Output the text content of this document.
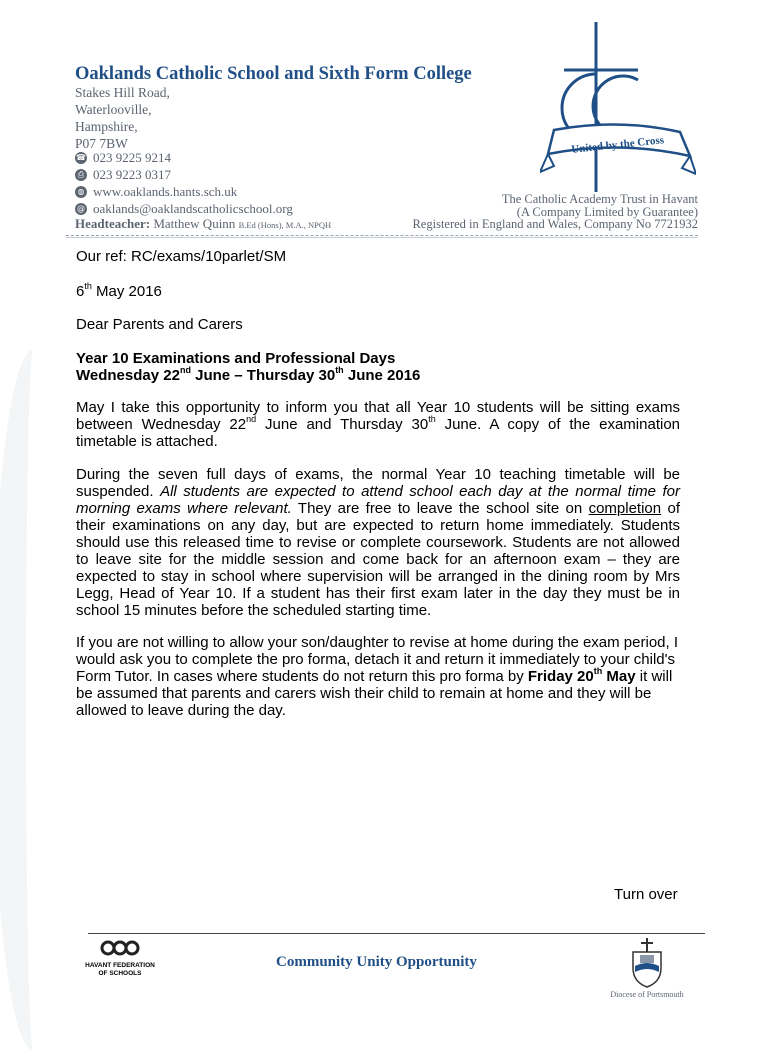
Oaklands Catholic School and Sixth Form College
Stakes Hill Road,
Waterlooville,
Hampshire,
P07 7BW
☎ 023 9225 9214
⎙ 023 9223 0317
◍ www.oaklands.hants.sch.uk
@ oaklands@oaklandscatholicschool.org
Headteacher: Matthew Quinn B.Ed (Hons), M.A., NPQH
The Catholic Academy Trust in Havant
(A Company Limited by Guarantee)
Registered in England and Wales, Company No 7721932
United by the Cross
Our ref: RC/exams/10parlet/SM
6th May 2016
Dear Parents and Carers
Year 10 Examinations and Professional Days
Wednesday 22nd June – Thursday 30th June 2016
May I take this opportunity to inform you that all Year 10 students will be sitting exams between Wednesday 22nd June and Thursday 30th June. A copy of the examination timetable is attached.
During the seven full days of exams, the normal Year 10 teaching timetable will be suspended. All students are expected to attend school each day at the normal time for morning exams where relevant. They are free to leave the school site on completion of their examinations on any day, but are expected to return home immediately. Students should use this released time to revise or complete coursework. Students are not allowed to leave site for the middle session and come back for an afternoon exam – they are expected to stay in school where supervision will be arranged in the dining room by Mrs Legg, Head of Year 10. If a student has their first exam later in the day they must be in school 15 minutes before the scheduled starting time.
If you are not willing to allow your son/daughter to revise at home during the exam period, I would ask you to complete the pro forma, detach it and return it immediately to your child's Form Tutor. In cases where students do not return this pro forma by Friday 20th May it will be assumed that parents and carers wish their child to remain at home and they will be allowed to leave during the day.
Turn over
HAVANT FEDERATION
OF SCHOOLS
Community Unity Opportunity
Diocese of Portsmouth
